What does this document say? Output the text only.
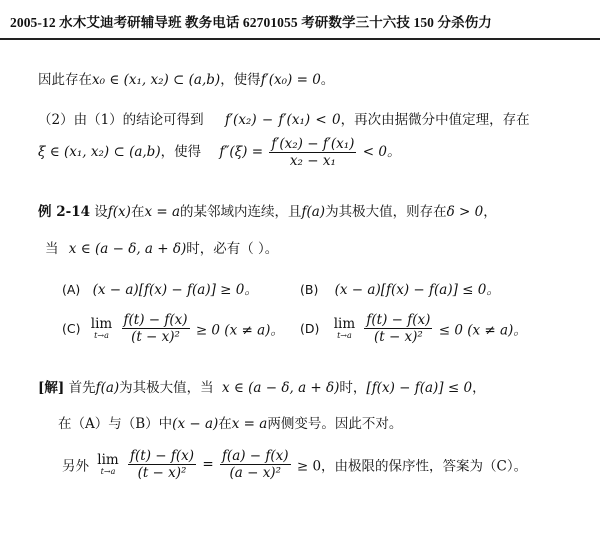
2005-12 水木艾迪考研辅导班 教务电话 62701055 考研数学三十六技 150 分杀伤力
因此存在x₀ ∈ (x₁, x₂) ⊂ (a,b)，使得f′(x₀) = 0。
（2）由（1）的结论可得到 f′(x₂) − f′(x₁) < 0，再次由据微分中值定理，存在
ξ ∈ (x₁, x₂) ⊂ (a,b)，使得 $f''(\xi) = \frac{\text{f′(x₂) − f′(x₁)}}{\text{x₂ − x₁}} < 0$。
例 2-14 设f(x)在x = a的某邻域内连续，且f(a)为其极大值，则存在δ > 0，
当 x ∈ (a − δ, a + δ)时，必有（ ）。
(A) (x − a)[f(x) − f(a)] ≥ 0。	(B) (x − a)[f(x) − f(a)] ≤ 0。
(C) lim
t→a
$\frac{f(t) - f(x)}{\text{(t − x)²}} \ge 0$ (x ≠ a)。 (D) lim
t→a
$\frac{f(t) - f(x)}{\text{(t − x)²}} \le 0$ (x ≠ a)。
[解] 首先f(a)为其极大值，当 x ∈ (a − δ, a + δ)时，[f(x) − f(a)] ≤ 0，
在（A）与（B）中(x − a)在x = a两侧变号。因此不对。
另外 lim
t→a
$\frac{f(t) - f(x)}{\text{(t − x)²}} = \frac{f(a) - f(x)}{\text{(a − x)²}} \ge 0$，由极限的保序性，答案为（C）。
